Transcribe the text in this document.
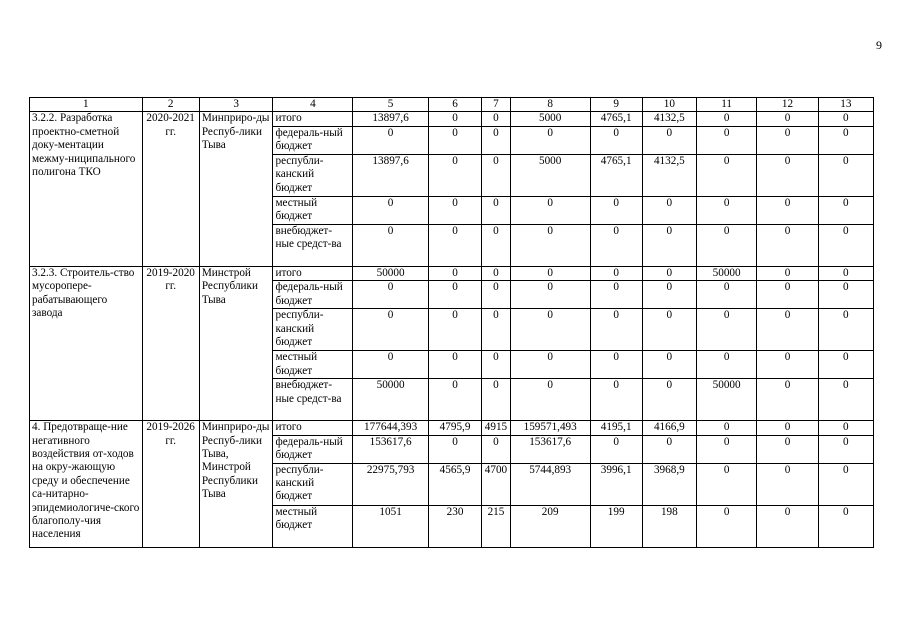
9
1	2	3	4	5	6	7	8	9	10	11	12	13
3.2.2. Разработка проектно-сметной доку-ментации межму-ниципального полигона ТКО	2020-2021 гг.	Минприро-ды Респуб-лики Тыва	итого	13897,6	0	0	5000	4765,1	4132,5	0	0	0
			федераль-ный бюджет	0	0	0	0	0	0	0	0	0
			республи-канский бюджет	13897,6	0	0	5000	4765,1	4132,5	0	0	0
			местный бюджет	0	0	0	0	0	0	0	0	0
			внебюджет-ные средст-ва	0	0	0	0	0	0	0	0	0
3.2.3. Строитель-ство мусоропере-рабатывающего завода	2019-2020 гг.	Минстрой Республики Тыва	итого	50000	0	0	0	0	0	50000	0	0
			федераль-ный бюджет	0	0	0	0	0	0	0	0	0
			республи-канский бюджет	0	0	0	0	0	0	0	0	0
			местный бюджет	0	0	0	0	0	0	0	0	0
			внебюджет-ные средст-ва	50000	0	0	0	0	0	50000	0	0
4. Предотвраще-ние негативного воздействия от-ходов на окру-жающую среду и обеспечение са-нитарно-эпидемиологиче-ского благополу-чия населения	2019-2026 гг.	Минприро-ды Респуб-лики Тыва, Минстрой Республики Тыва	итого	177644,393	4795,9	4915	159571,493	4195,1	4166,9	0	0	0
			федераль-ный бюджет	153617,6	0	0	153617,6	0	0	0	0	0
			республи-канский бюджет	22975,793	4565,9	4700	5744,893	3996,1	3968,9	0	0	0
			местный бюджет	1051	230	215	209	199	198	0	0	0
